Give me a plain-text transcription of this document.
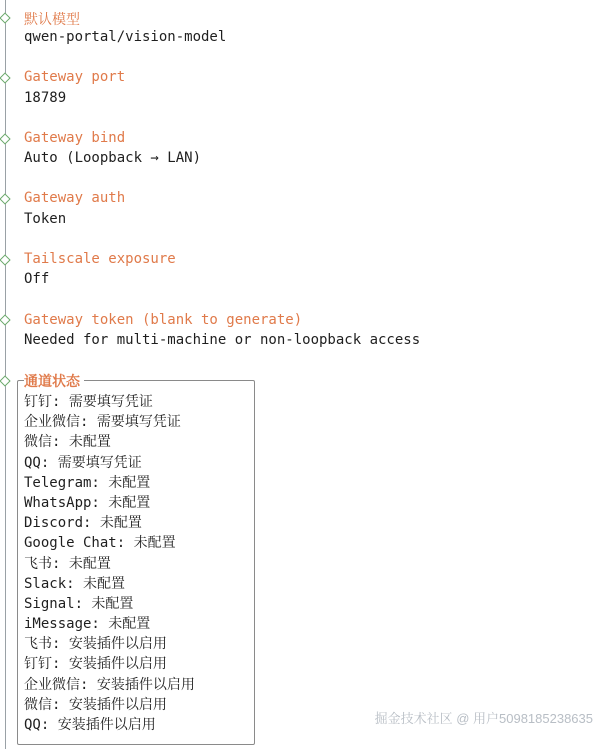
默认模型
qwen-portal/vision-model
Gateway port
18789
Gateway bind
Auto (Loopback → LAN)
Gateway auth
Token
Tailscale exposure
Off
Gateway token (blank to generate)
Needed for multi-machine or non-loopback access
通道状态
钉钉: 需要填写凭证
企业微信: 需要填写凭证
微信: 未配置
QQ: 需要填写凭证
Telegram: 未配置
WhatsApp: 未配置
Discord: 未配置
Google Chat: 未配置
飞书: 未配置
Slack: 未配置
Signal: 未配置
iMessage: 未配置
飞书: 安装插件以启用
钉钉: 安装插件以启用
企业微信: 安装插件以启用
微信: 安装插件以启用
QQ: 安装插件以启用	掘金技术社区 @ 用户5098185238635
